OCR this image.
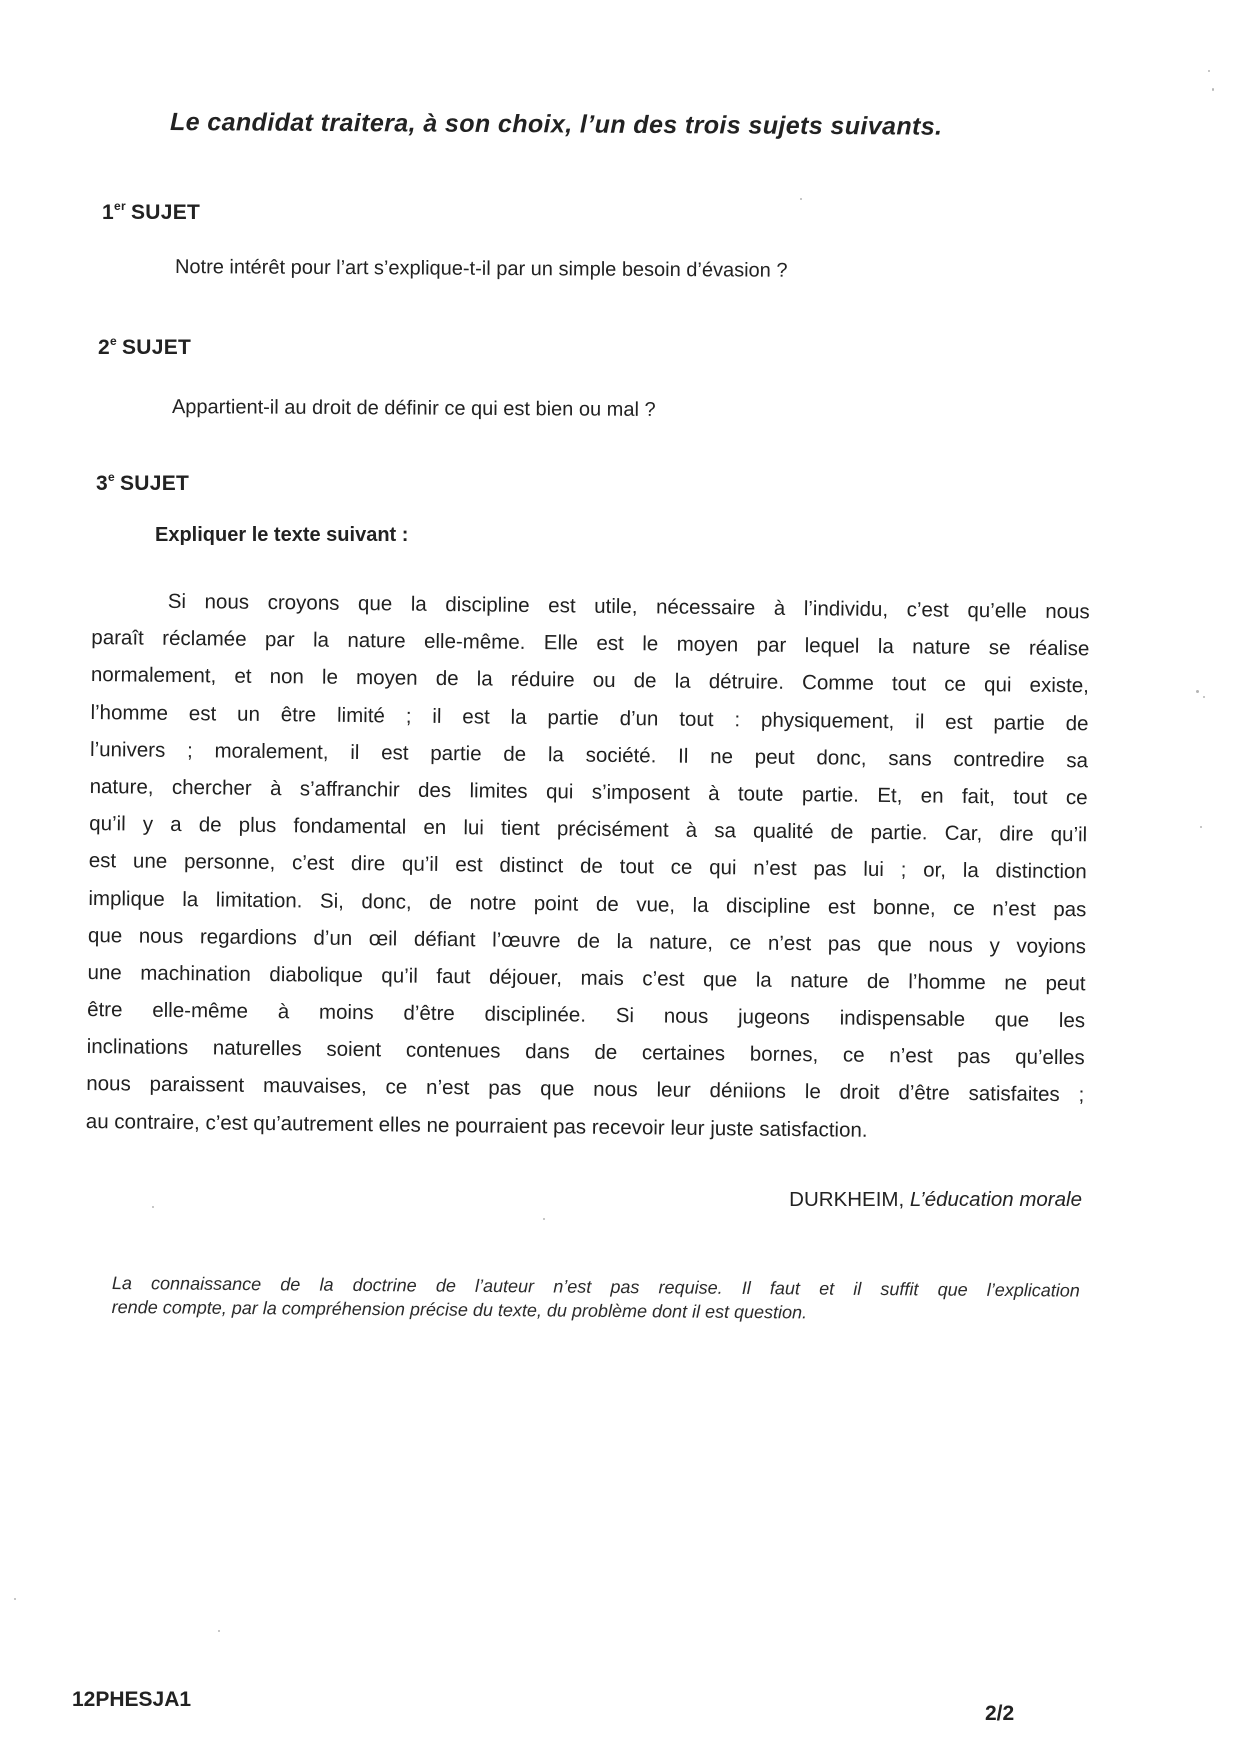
Le candidat traitera, à son choix, l’un des trois sujets suivants.
1er SUJET
Notre intérêt pour l’art s’explique-t-il par un simple besoin d’évasion ?
2e SUJET
Appartient-il au droit de définir ce qui est bien ou mal ?
3e SUJET
Expliquer le texte suivant :
Si nous croyons que la discipline est utile, nécessaire à l’individu, c’est qu’elle nous
paraît réclamée par la nature elle-même. Elle est le moyen par lequel la nature se réalise
normalement, et non le moyen de la réduire ou de la détruire. Comme tout ce qui existe,
l’homme est un être limité ; il est la partie d’un tout : physiquement, il est partie de
l’univers ; moralement, il est partie de la société. Il ne peut donc, sans contredire sa
nature, chercher à s’affranchir des limites qui s’imposent à toute partie. Et, en fait, tout ce
qu’il y a de plus fondamental en lui tient précisément à sa qualité de partie. Car, dire qu’il
est une personne, c’est dire qu’il est distinct de tout ce qui n’est pas lui ; or, la distinction
implique la limitation. Si, donc, de notre point de vue, la discipline est bonne, ce n’est pas
que nous regardions d’un œil défiant l’œuvre de la nature, ce n’est pas que nous y voyions
une machination diabolique qu’il faut déjouer, mais c’est que la nature de l’homme ne peut
être elle-même à moins d’être disciplinée. Si nous jugeons indispensable que les
inclinations naturelles soient contenues dans de certaines bornes, ce n’est pas qu’elles
nous paraissent mauvaises, ce n’est pas que nous leur déniions le droit d’être satisfaites ;
au contraire, c’est qu’autrement elles ne pourraient pas recevoir leur juste satisfaction.
DURKHEIM, L’éducation morale
La connaissance de la doctrine de l’auteur n’est pas requise. Il faut et il suffit que l’explication
rende compte, par la compréhension précise du texte, du problème dont il est question.
12PHESJA1
2/2
